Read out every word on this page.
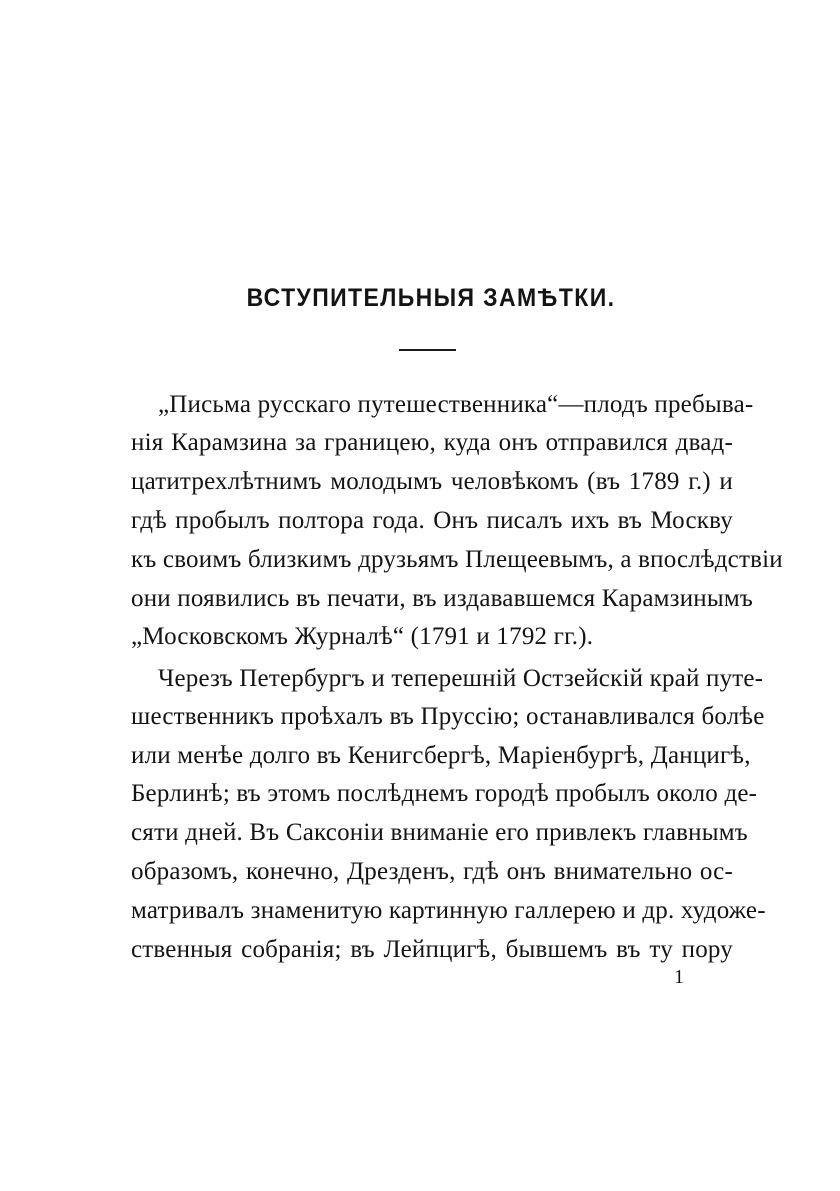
ВСТУПИТЕЛЬНЫЯ ЗАМѢТКИ.
„Письма русскаго путешественника“—плодъ пребыва-
нія Карамзина за границею, куда онъ отправился двад-
цатитрехлѣтнимъ молодымъ человѣкомъ (въ 1789 г.) и
гдѣ пробылъ полтора года. Онъ писалъ ихъ въ Москву
къ своимъ близкимъ друзьямъ Плещеевымъ, а впослѣдствіи
они появились въ печати, въ издававшемся Карамзинымъ
„Московскомъ Журналѣ“ (1791 и 1792 гг.).
Черезъ Петербургъ и теперешній Остзейскій край путе-
шественникъ проѣхалъ въ Пруссію; останавливался болѣе
или менѣе долго въ Кенигсбергѣ, Маріенбургѣ, Данцигѣ,
Берлинѣ; въ этомъ послѣднемъ городѣ пробылъ около де-
сяти дней. Въ Саксоніи вниманіе его привлекъ главнымъ
образомъ, конечно, Дрезденъ, гдѣ онъ внимательно ос-
матривалъ знаменитую картинную галлерею и др. художе-
ственныя собранія; въ Лейпцигѣ, бывшемъ въ ту пору
1
